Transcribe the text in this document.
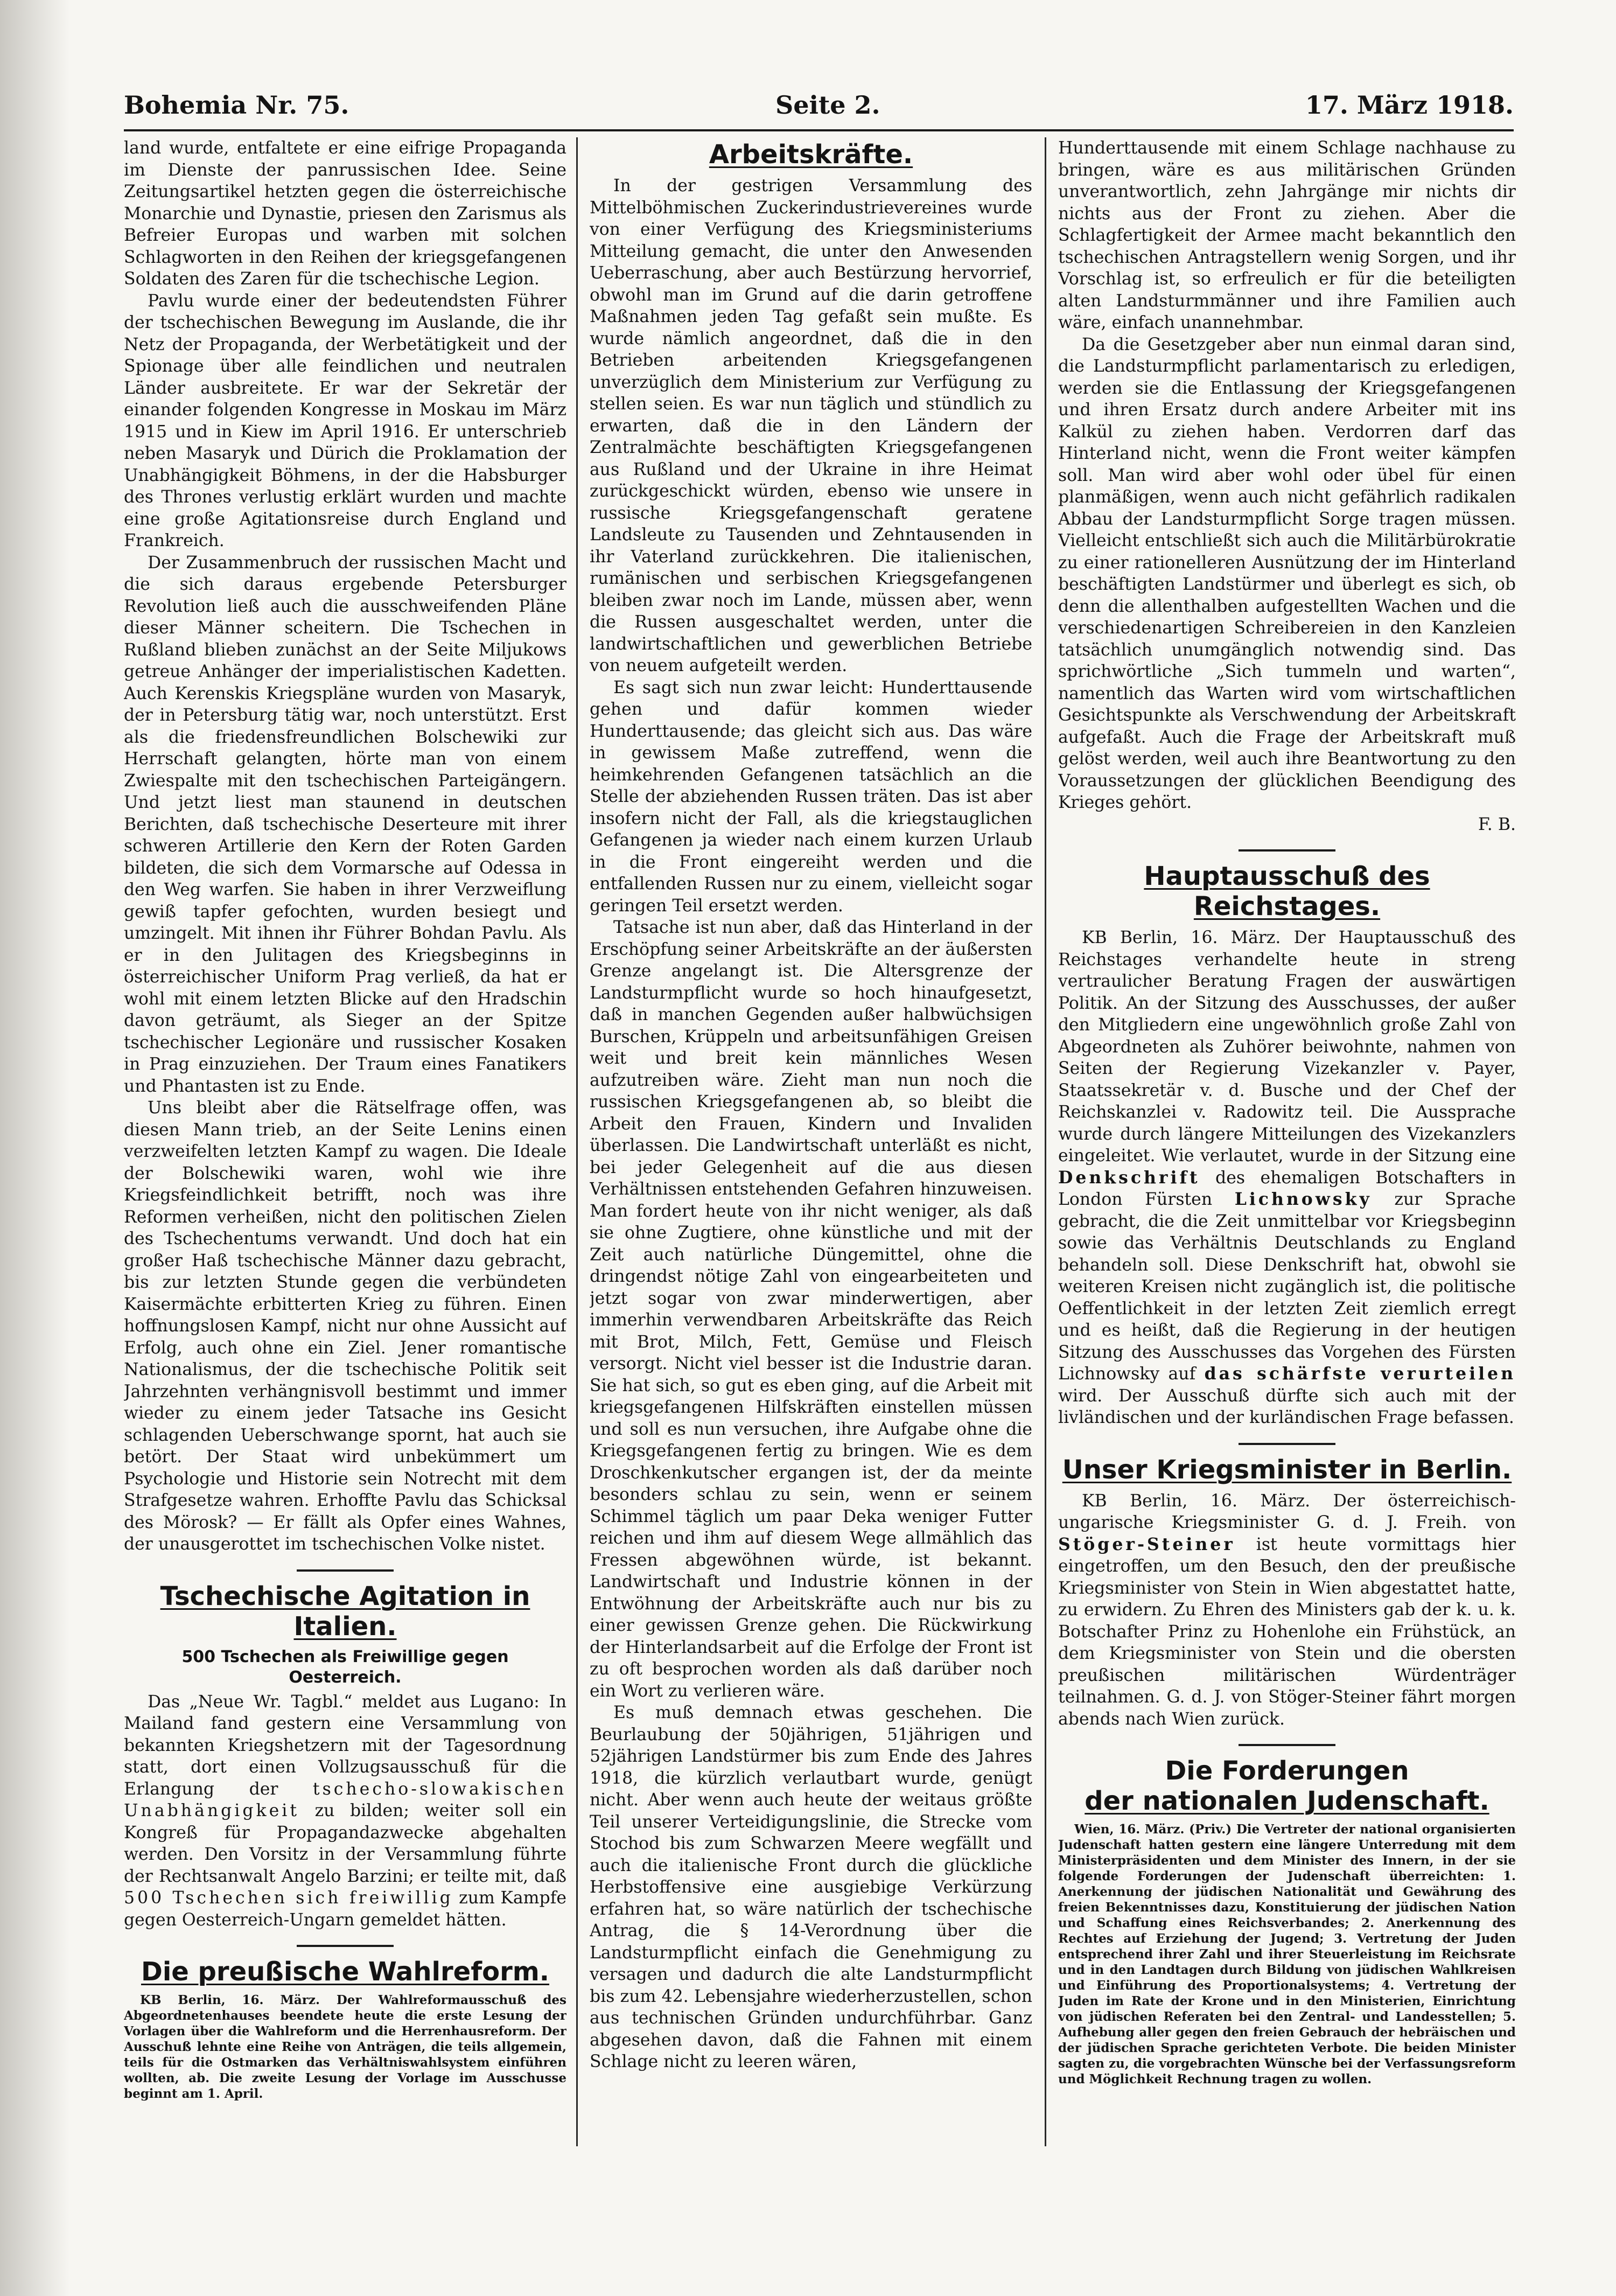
Bohemia Nr. 75.	Seite 2.	17. März 1918.

land wurde, entfaltete er eine eifrige Propaganda im Dienste der panrussischen Idee. Seine Zeitungsartikel hetzten gegen die österreichische Monarchie und Dynastie, priesen den Zarismus als Befreier Europas und warben mit solchen Schlagworten in den Reihen der kriegsgefangenen Soldaten des Zaren für die tschechische Legion.

Pavlu wurde einer der bedeutendsten Führer der tschechischen Bewegung im Auslande, die ihr Netz der Propaganda, der Werbetätigkeit und der Spionage über alle feindlichen und neutralen Länder ausbreitete. Er war der Sekretär der einander folgenden Kongresse in Moskau im März 1915 und in Kiew im April 1916. Er unterschrieb neben Masaryk und Dürich die Proklamation der Unabhängigkeit Böhmens, in der die Habsburger des Thrones verlustig erklärt wurden und machte eine große Agitationsreise durch England und Frankreich.

Der Zusammenbruch der russischen Macht und die sich daraus ergebende Petersburger Revolution ließ auch die ausschweifenden Pläne dieser Männer scheitern. Die Tschechen in Rußland blieben zunächst an der Seite Miljukows getreue Anhänger der imperialistischen Kadetten. Auch Kerenskis Kriegspläne wurden von Masaryk, der in Petersburg tätig war, noch unterstützt. Erst als die friedensfreundlichen Bolschewiki zur Herrschaft gelangten, hörte man von einem Zwiespalte mit den tschechischen Parteigängern. Und jetzt liest man staunend in deutschen Berichten, daß tschechische Deserteure mit ihrer schweren Artillerie den Kern der Roten Garden bildeten, die sich dem Vormarsche auf Odessa in den Weg warfen. Sie haben in ihrer Verzweiflung gewiß tapfer gefochten, wurden besiegt und umzingelt. Mit ihnen ihr Führer Bohdan Pavlu. Als er in den Julitagen des Kriegsbeginns in österreichischer Uniform Prag verließ, da hat er wohl mit einem letzten Blicke auf den Hradschin davon geträumt, als Sieger an der Spitze tschechischer Legionäre und russischer Kosaken in Prag einzuziehen. Der Traum eines Fanatikers und Phantasten ist zu Ende.

Uns bleibt aber die Rätselfrage offen, was diesen Mann trieb, an der Seite Lenins einen verzweifelten letzten Kampf zu wagen. Die Ideale der Bolschewiki waren, wohl wie ihre Kriegsfeindlichkeit betrifft, noch was ihre Reformen verheißen, nicht den politischen Zielen des Tschechentums verwandt. Und doch hat ein großer Haß tschechische Männer dazu gebracht, bis zur letzten Stunde gegen die verbündeten Kaisermächte erbitterten Krieg zu führen. Einen hoffnungslosen Kampf, nicht nur ohne Aussicht auf Erfolg, auch ohne ein Ziel. Jener romantische Nationalismus, der die tschechische Politik seit Jahrzehnten verhängnisvoll bestimmt und immer wieder zu einem jeder Tatsache ins Gesicht schlagenden Ueberschwange spornt, hat auch sie betört. Der Staat wird unbekümmert um Psychologie und Historie sein Notrecht mit dem Strafgesetze wahren. Erhoffte Pavlu das Schicksal des Mörosk? — Er fällt als Opfer eines Wahnes, der unausgerottet im tschechischen Volke nistet.

Tschechische Agitation in Italien.
500 Tschechen als Freiwillige gegen Oesterreich.

Das „Neue Wr. Tagbl.“ meldet aus Lugano: In Mailand fand gestern eine Versammlung von bekannten Kriegshetzern mit der Tagesordnung statt, dort einen Vollzugsausschuß für die Erlangung der tschecho-slowakischen Unabhängigkeit zu bilden; weiter soll ein Kongreß für Propagandazwecke abgehalten werden. Den Vorsitz in der Versammlung führte der Rechtsanwalt Angelo Barzini; er teilte mit, daß 500 Tschechen sich freiwillig zum Kampfe gegen Oesterreich-Ungarn gemeldet hätten.

Die preußische Wahlreform.

KB Berlin, 16. März. Der Wahlreformausschuß des Abgeordnetenhauses beendete heute die erste Lesung der Vorlagen über die Wahlreform und die Herrenhausreform. Der Ausschuß lehnte eine Reihe von Anträgen, die teils allgemein, teils für die Ostmarken das Verhältniswahlsystem einführen wollten, ab. Die zweite Lesung der Vorlage im Ausschusse beginnt am 1. April.

Arbeitskräfte.

In der gestrigen Versammlung des Mittelböhmischen Zuckerindustrievereines wurde von einer Verfügung des Kriegsministeriums Mitteilung gemacht, die unter den Anwesenden Ueberraschung, aber auch Bestürzung hervorrief, obwohl man im Grund auf die darin getroffene Maßnahmen jeden Tag gefaßt sein mußte. Es wurde nämlich angeordnet, daß die in den Betrieben arbeitenden Kriegsgefangenen unverzüglich dem Ministerium zur Verfügung zu stellen seien. Es war nun täglich und stündlich zu erwarten, daß die in den Ländern der Zentralmächte beschäftigten Kriegsgefangenen aus Rußland und der Ukraine in ihre Heimat zurückgeschickt würden, ebenso wie unsere in russische Kriegsgefangenschaft geratene Landsleute zu Tausenden und Zehntausenden in ihr Vaterland zurückkehren. Die italienischen, rumänischen und serbischen Kriegsgefangenen bleiben zwar noch im Lande, müssen aber, wenn die Russen ausgeschaltet werden, unter die landwirtschaftlichen und gewerblichen Betriebe von neuem aufgeteilt werden.

Es sagt sich nun zwar leicht: Hunderttausende gehen und dafür kommen wieder Hunderttausende; das gleicht sich aus. Das wäre in gewissem Maße zutreffend, wenn die heimkehrenden Gefangenen tatsächlich an die Stelle der abziehenden Russen träten. Das ist aber insofern nicht der Fall, als die kriegstauglichen Gefangenen ja wieder nach einem kurzen Urlaub in die Front eingereiht werden und die entfallenden Russen nur zu einem, vielleicht sogar geringen Teil ersetzt werden.

Tatsache ist nun aber, daß das Hinterland in der Erschöpfung seiner Arbeitskräfte an der äußersten Grenze angelangt ist. Die Altersgrenze der Landsturmpflicht wurde so hoch hinaufgesetzt, daß in manchen Gegenden außer halbwüchsigen Burschen, Krüppeln und arbeitsunfähigen Greisen weit und breit kein männliches Wesen aufzutreiben wäre. Zieht man nun noch die russischen Kriegsgefangenen ab, so bleibt die Arbeit den Frauen, Kindern und Invaliden überlassen. Die Landwirtschaft unterläßt es nicht, bei jeder Gelegenheit auf die aus diesen Verhältnissen entstehenden Gefahren hinzuweisen. Man fordert heute von ihr nicht weniger, als daß sie ohne Zugtiere, ohne künstliche und mit der Zeit auch natürliche Düngemittel, ohne die dringendst nötige Zahl von eingearbeiteten und jetzt sogar von zwar minderwertigen, aber immerhin verwendbaren Arbeitskräfte das Reich mit Brot, Milch, Fett, Gemüse und Fleisch versorgt. Nicht viel besser ist die Industrie daran. Sie hat sich, so gut es eben ging, auf die Arbeit mit kriegsgefangenen Hilfskräften einstellen müssen und soll es nun versuchen, ihre Aufgabe ohne die Kriegsgefangenen fertig zu bringen. Wie es dem Droschkenkutscher ergangen ist, der da meinte besonders schlau zu sein, wenn er seinem Schimmel täglich um paar Deka weniger Futter reichen und ihm auf diesem Wege allmählich das Fressen abgewöhnen würde, ist bekannt. Landwirtschaft und Industrie können in der Entwöhnung der Arbeitskräfte auch nur bis zu einer gewissen Grenze gehen. Die Rückwirkung der Hinterlandsarbeit auf die Erfolge der Front ist zu oft besprochen worden als daß darüber noch ein Wort zu verlieren wäre.

Es muß demnach etwas geschehen. Die Beurlaubung der 50jährigen, 51jährigen und 52jährigen Landstürmer bis zum Ende des Jahres 1918, die kürzlich verlautbart wurde, genügt nicht. Aber wenn auch heute der weitaus größte Teil unserer Verteidigungslinie, die Strecke vom Stochod bis zum Schwarzen Meere wegfällt und auch die italienische Front durch die glückliche Herbstoffensive eine ausgiebige Verkürzung erfahren hat, so wäre natürlich der tschechische Antrag, die § 14-Verordnung über die Landsturmpflicht einfach die Genehmigung zu versagen und dadurch die alte Landsturmpflicht bis zum 42. Lebensjahre wiederherzustellen, schon aus technischen Gründen undurchführbar. Ganz abgesehen davon, daß die Fahnen mit einem Schlage nicht zu leeren wären,

Hunderttausende mit einem Schlage nachhause zu bringen, wäre es aus militärischen Gründen unverantwortlich, zehn Jahrgänge mir nichts dir nichts aus der Front zu ziehen. Aber die Schlagfertigkeit der Armee macht bekanntlich den tschechischen Antragstellern wenig Sorgen, und ihr Vorschlag ist, so erfreulich er für die beteiligten alten Landsturmmänner und ihre Familien auch wäre, einfach unannehmbar.

Da die Gesetzgeber aber nun einmal daran sind, die Landsturmpflicht parlamentarisch zu erledigen, werden sie die Entlassung der Kriegsgefangenen und ihren Ersatz durch andere Arbeiter mit ins Kalkül zu ziehen haben. Verdorren darf das Hinterland nicht, wenn die Front weiter kämpfen soll. Man wird aber wohl oder übel für einen planmäßigen, wenn auch nicht gefährlich radikalen Abbau der Landsturmpflicht Sorge tragen müssen. Vielleicht entschließt sich auch die Militärbürokratie zu einer rationelleren Ausnützung der im Hinterland beschäftigten Landstürmer und überlegt es sich, ob denn die allenthalben aufgestellten Wachen und die verschiedenartigen Schreibereien in den Kanzleien tatsächlich unumgänglich notwendig sind. Das sprichwörtliche „Sich tummeln und warten“, namentlich das Warten wird vom wirtschaftlichen Gesichtspunkte als Verschwendung der Arbeitskraft aufgefaßt. Auch die Frage der Arbeitskraft muß gelöst werden, weil auch ihre Beantwortung zu den Voraussetzungen der glücklichen Beendigung des Krieges gehört.

F. B.
Hauptausschuß des Reichstages.

KB Berlin, 16. März. Der Hauptausschuß des Reichstages verhandelte heute in streng vertraulicher Beratung Fragen der auswärtigen Politik. An der Sitzung des Ausschusses, der außer den Mitgliedern eine ungewöhnlich große Zahl von Abgeordneten als Zuhörer beiwohnte, nahmen von Seiten der Regierung Vizekanzler v. Payer, Staatssekretär v. d. Busche und der Chef der Reichskanzlei v. Radowitz teil. Die Aussprache wurde durch längere Mitteilungen des Vizekanzlers eingeleitet. Wie verlautet, wurde in der Sitzung eine Denkschrift des ehemaligen Botschafters in London Fürsten Lichnowsky zur Sprache gebracht, die die Zeit unmittelbar vor Kriegsbeginn sowie das Verhältnis Deutschlands zu England behandeln soll. Diese Denkschrift hat, obwohl sie weiteren Kreisen nicht zugänglich ist, die politische Oeffentlichkeit in der letzten Zeit ziemlich erregt und es heißt, daß die Regierung in der heutigen Sitzung des Ausschusses das Vorgehen des Fürsten Lichnowsky auf das schärfste verurteilen wird. Der Ausschuß dürfte sich auch mit der livländischen und der kurländischen Frage befassen.

Unser Kriegsminister in Berlin.

KB Berlin, 16. März. Der österreichisch-ungarische Kriegsminister G. d. J. Freih. von Stöger-Steiner ist heute vormittags hier eingetroffen, um den Besuch, den der preußische Kriegsminister von Stein in Wien abgestattet hatte, zu erwidern. Zu Ehren des Ministers gab der k. u. k. Botschafter Prinz zu Hohenlohe ein Frühstück, an dem Kriegsminister von Stein und die obersten preußischen militärischen Würdenträger teilnahmen. G. d. J. von Stöger-Steiner fährt morgen abends nach Wien zurück.

Die Forderungen
der nationalen Judenschaft.

Wien, 16. März. (Priv.) Die Vertreter der national organisierten Judenschaft hatten gestern eine längere Unterredung mit dem Ministerpräsidenten und dem Minister des Innern, in der sie folgende Forderungen der Judenschaft überreichten: 1. Anerkennung der jüdischen Nationalität und Gewährung des freien Bekenntnisses dazu, Konstituierung der jüdischen Nation und Schaffung eines Reichsverbandes; 2. Anerkennung des Rechtes auf Erziehung der Jugend; 3. Vertretung der Juden entsprechend ihrer Zahl und ihrer Steuerleistung im Reichsrate und in den Landtagen durch Bildung von jüdischen Wahlkreisen und Einführung des Proportionalsystems; 4. Vertretung der Juden im Rate der Krone und in den Ministerien, Einrichtung von jüdischen Referaten bei den Zentral- und Landesstellen; 5. Aufhebung aller gegen den freien Gebrauch der hebräischen und der jüdischen Sprache gerichteten Verbote. Die beiden Minister sagten zu, die vorgebrachten Wünsche bei der Verfassungsreform und Möglichkeit Rechnung tragen zu wollen.
